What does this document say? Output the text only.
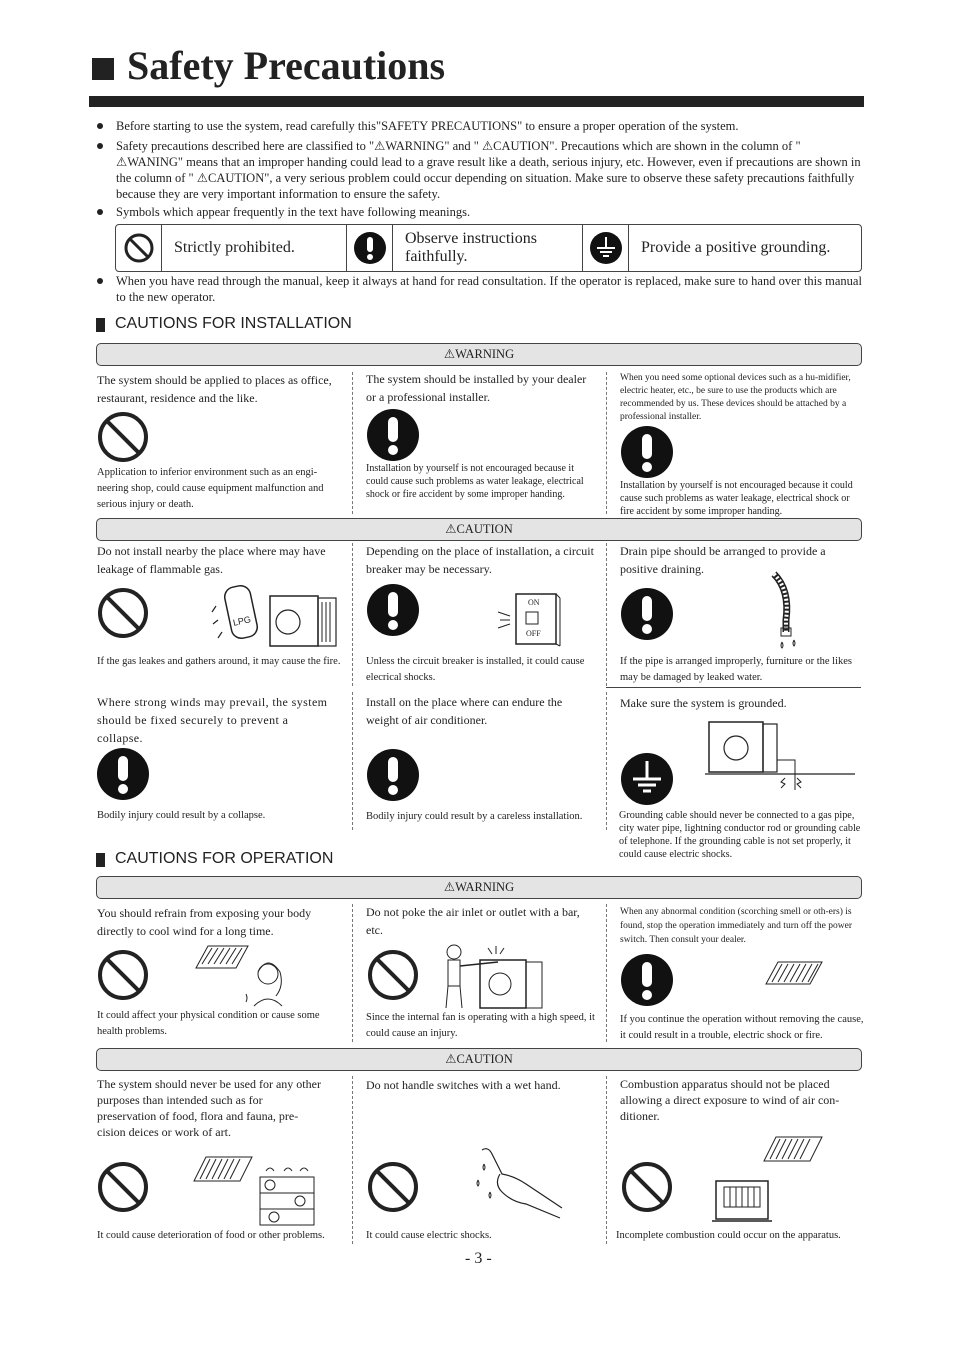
Safety Precautions
Before starting to use the system, read carefully this"SAFETY PRECAUTIONS" to ensure a proper operation of the system.
Safety precautions described here are classified to "⚠WARNING" and " ⚠CAUTION". Precautions which are shown in the column of " ⚠WANING" means that an improper handing could lead to a grave result like a death, serious injury, etc. However, even if precautions are shown in the column of " ⚠CAUTION", a very serious problem could occur depending on situation. Make sure to observe these safety precautions faithfully because they are very important information to ensure the safety.
Symbols which appear frequently in the text have following meanings.
Strictly prohibited.
Observe instructions faithfully.
Provide a positive grounding.
When you have read through the manual, keep it always at hand for read consultation. If the operator is replaced, make sure to hand over this manual to the new operator.
CAUTIONS FOR INSTALLATION
⚠WARNING
The system should be applied to places as office, restaurant, residence and the like.
Application to inferior environment such as an engi-neering shop, could cause equipment malfunction and serious injury or death.
The system should be installed by your dealer or a professional installer.
Installation by yourself is not encouraged because it could cause such problems as water leakage, electrical shock or fire accident by some improper handing.
When you need some optional devices such as a hu-midifier, electric heater, etc., be sure to use the products which are recommended by us. These devices should be attached by a professional installer.
Installation by yourself is not encouraged because it could cause such problems as water leakage, electrical shock or fire accident by some improper handing.
⚠CAUTION
Do not install nearby the place where may have leakage of flammable gas.
LPG
If the gas leakes and gathers around, it may cause the fire.
Depending on the place of installation, a circuit breaker may be necessary.
ON
OFF
Unless the circuit breaker is installed, it could cause elecrical shocks.
Drain pipe should be arranged to provide a positive draining.
If the pipe is arranged improperly, furniture or the likes may be damaged by leaked water.
Where strong winds may prevail, the system should be fixed securely to prevent a collapse.
Bodily injury could result by a collapse.
Install on the place where can endure the weight of air conditioner.
Bodily injury could result by a careless installation.
Make sure the system is grounded.
Grounding cable should never be connected to a gas pipe, city water pipe, lightning conductor rod or grounding cable of telephone. If the grounding cable is not set properly, it could cause electric shocks.
CAUTIONS FOR OPERATION
⚠WARNING
You should refrain from exposing your body directly to cool wind for a long time.
It could affect your physical condition or cause some health problems.
Do not poke the air inlet or outlet with a bar, etc.
Since the internal fan is operating with a high speed, it could cause an injury.
When any abnormal condition (scorching smell or oth-ers) is found, stop the operation immediately and turn off the power switch. Then consult your dealer.
If you continue the operation without removing the cause, it could result in a trouble, electric shock or fire.
⚠CAUTION
The system should never be used for any other purposes than intended such as for preservation of food, flora and fauna, pre-cision deices or work of art.
It could cause deterioration of food or other problems.
Do not handle switches with a wet hand.
It could cause electric shocks.
Combustion apparatus should not be placed allowing a direct exposure to wind of air con-ditioner.
Incomplete combustion could occur on the apparatus.
- 3 -
